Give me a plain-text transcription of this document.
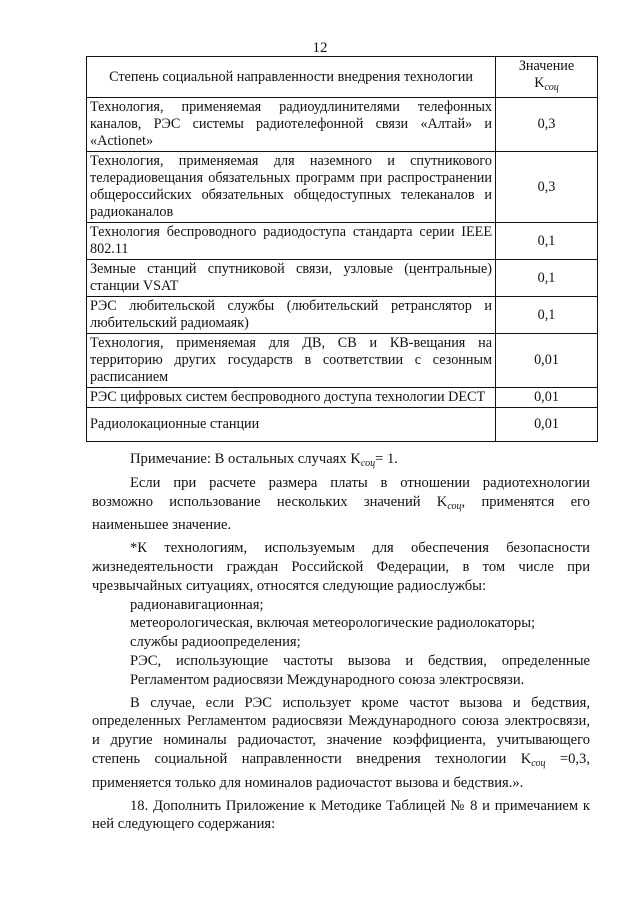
12
Степень социальной направленности внедрения технологии	Значение
$K_{соц}$
Технология, применяемая радиоудлинителями телефонных каналов, РЭС системы радиотелефонной связи «Алтай» и «Actionet»	0,3
Технология, применяемая для наземного и спутникового телерадиовещания обязательных программ при распространении общероссийских обязательных общедоступных телеканалов и радиоканалов	0,3
Технология беспроводного радиодоступа стандарта серии IEEE 802.11	0,1
Земные станций спутниковой связи, узловые (центральные) станции VSAT	0,1
РЭС любительской службы (любительский ретранслятор и любительский радиомаяк)	0,1
Технология, применяемая для ДВ, СВ и КВ-вещания на территорию других государств в соответствии с сезонным расписанием	0,01
РЭС цифровых систем беспроводного доступа технологии DECT	0,01
Радиолокационные станции	0,01

Примечание: В остальных случаях $K_{соц}= 1$.

Если при расчете размера платы в отношении радиотехнологии возможно использование нескольких значений $K_{соц}$, применятся его наименьшее значение.

*К технологиям, используемым для обеспечения безопасности жизнедеятельности граждан Российской Федерации, в том числе при чрезвычайных ситуациях, относятся следующие радиослужбы:

радионавигационная;

метеорологическая, включая метеорологические радиолокаторы;

службы радиоопределения;

РЭС, использующие частоты вызова и бедствия, определенные Регламентом радиосвязи Международного союза электросвязи.

В случае, если РЭС использует кроме частот вызова и бедствия, определенных Регламентом радиосвязи Международного союза электросвязи, и другие номиналы радиочастот, значение коэффициента, учитывающего степень социальной направленности внедрения технологии $K_{соц} =0,3$, применяется только для номиналов радиочастот вызова и бедствия.».

18. Дополнить Приложение к Методике Таблицей № 8 и примечанием к ней следующего содержания:
